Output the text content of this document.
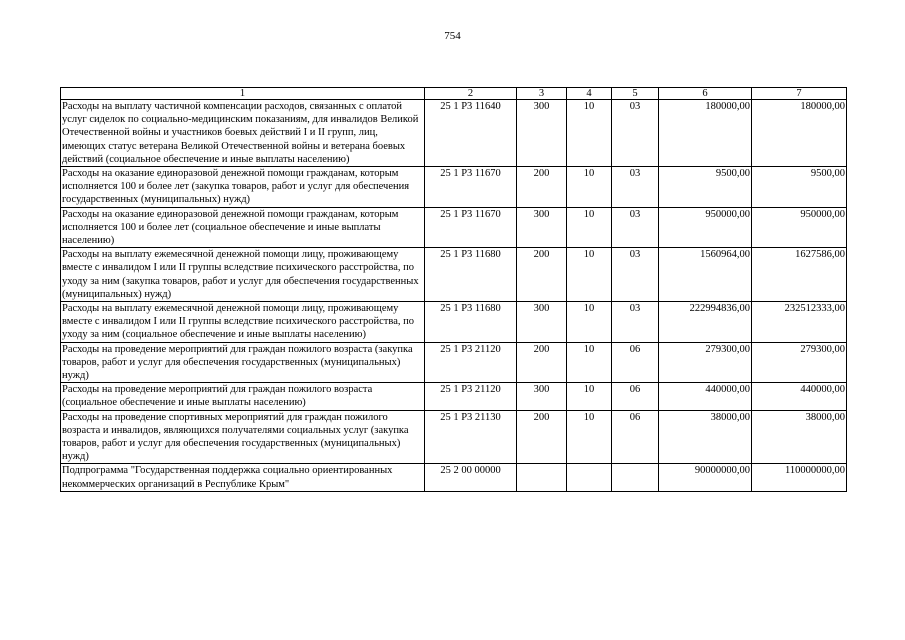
754
1	2	3	4	5	6	7
Расходы на выплату частичной компенсации расходов, связанных с оплатой услуг сиделок по социально-медицинским показаниям, для инвалидов Великой Отечественной войны и участников боевых действий I и II групп, лиц, имеющих статус ветерана Великой Отечественной войны и ветерана боевых действий (социальное обеспечение и иные выплаты населению)	25 1 Р3 11640	300	10	03	180000,00	180000,00
Расходы на оказание единоразовой денежной помощи гражданам, которым исполняется 100 и более лет (закупка товаров, работ и услуг для обеспечения государственных (муниципальных) нужд)	25 1 Р3 11670	200	10	03	9500,00	9500,00
Расходы на оказание единоразовой денежной помощи гражданам, которым исполняется 100 и более лет (социальное обеспечение и иные выплаты населению)	25 1 Р3 11670	300	10	03	950000,00	950000,00
Расходы на выплату ежемесячной денежной помощи лицу, проживающему вместе с инвалидом I или II группы вследствие психического расстройства, по уходу за ним (закупка товаров, работ и услуг для обеспечения государственных (муниципальных) нужд)	25 1 Р3 11680	200	10	03	1560964,00	1627586,00
Расходы на выплату ежемесячной денежной помощи лицу, проживающему вместе с инвалидом I или II группы вследствие психического расстройства, по уходу за ним (социальное обеспечение и иные выплаты населению)	25 1 Р3 11680	300	10	03	222994836,00	232512333,00
Расходы на проведение мероприятий для граждан пожилого возраста (закупка товаров, работ и услуг для обеспечения государственных (муниципальных) нужд)	25 1 Р3 21120	200	10	06	279300,00	279300,00
Расходы на проведение мероприятий для граждан пожилого возраста (социальное обеспечение и иные выплаты населению)	25 1 Р3 21120	300	10	06	440000,00	440000,00
Расходы на проведение спортивных мероприятий для граждан пожилого возраста и инвалидов, являющихся получателями социальных услуг (закупка товаров, работ и услуг для обеспечения государственных (муниципальных) нужд)	25 1 Р3 21130	200	10	06	38000,00	38000,00
Подпрограмма "Государственная поддержка социально ориентированных некоммерческих организаций в Республике Крым"	25 2 00 00000				90000000,00	110000000,00
